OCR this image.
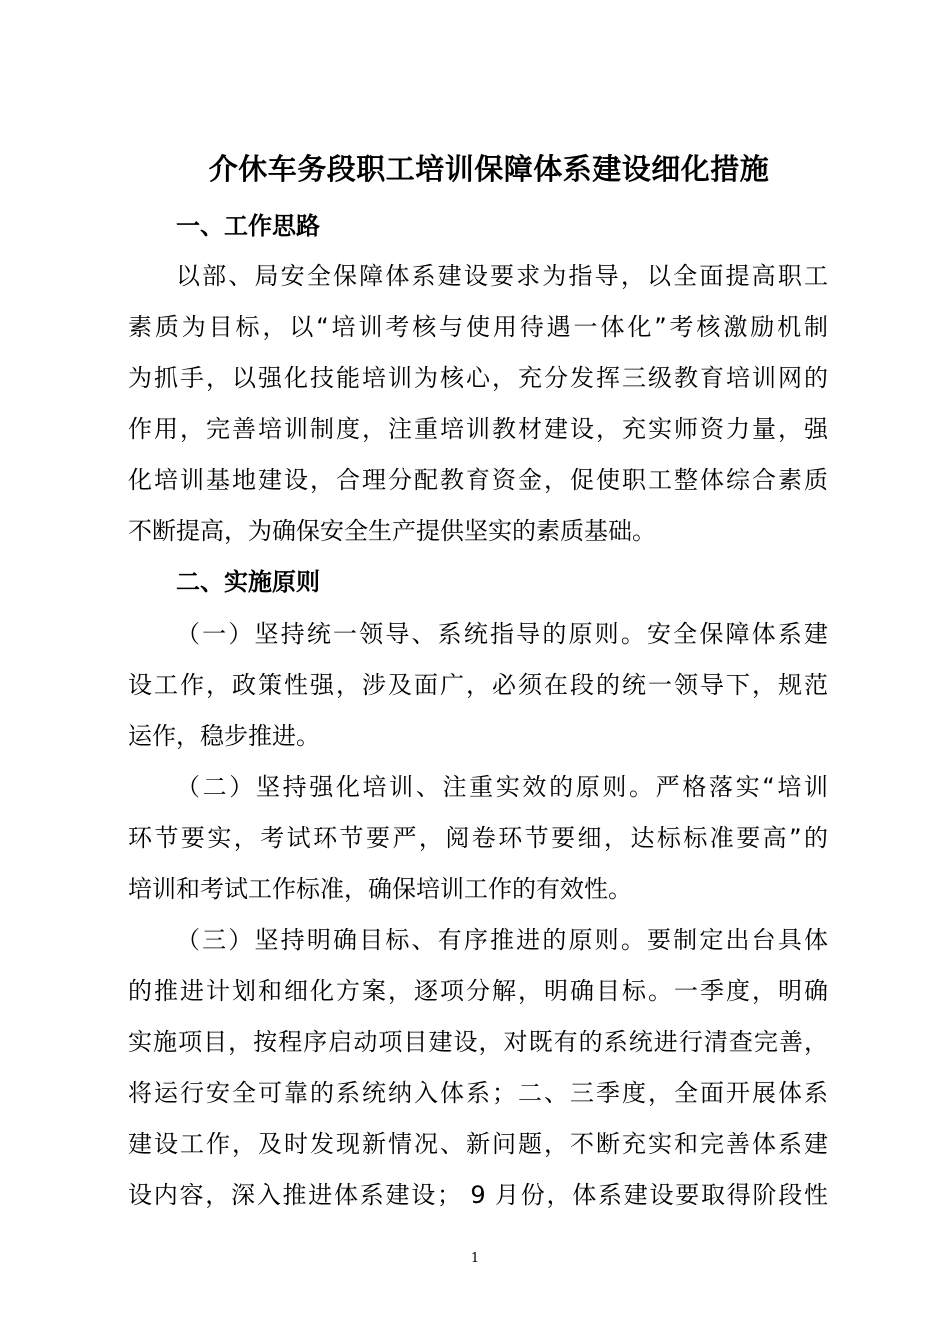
介休车务段职工培训保障体系建设细化措施
一、工作思路
以部、局安全保障体系建设要求为指导，以全面提高职工
素质为目标，以“培训考核与使用待遇一体化”考核激励机制
为抓手，以强化技能培训为核心，充分发挥三级教育培训网的
作用，完善培训制度，注重培训教材建设，充实师资力量，强
化培训基地建设，合理分配教育资金，促使职工整体综合素质
不断提高，为确保安全生产提供坚实的素质基础。
二、实施原则
（一）坚持统一领导、系统指导的原则。安全保障体系建
设工作，政策性强，涉及面广，必须在段的统一领导下，规范
运作，稳步推进。
（二）坚持强化培训、注重实效的原则。严格落实“培训
环节要实，考试环节要严，阅卷环节要细，达标标准要高”的
培训和考试工作标准，确保培训工作的有效性。
（三）坚持明确目标、有序推进的原则。要制定出台具体
的推进计划和细化方案，逐项分解，明确目标。一季度，明确
实施项目，按程序启动项目建设，对既有的系统进行清查完善，
将运行安全可靠的系统纳入体系；二、三季度，全面开展体系
建设工作，及时发现新情况、新问题，不断充实和完善体系建
设内容，深入推进体系建设； 9 月份，体系建设要取得阶段性
1
